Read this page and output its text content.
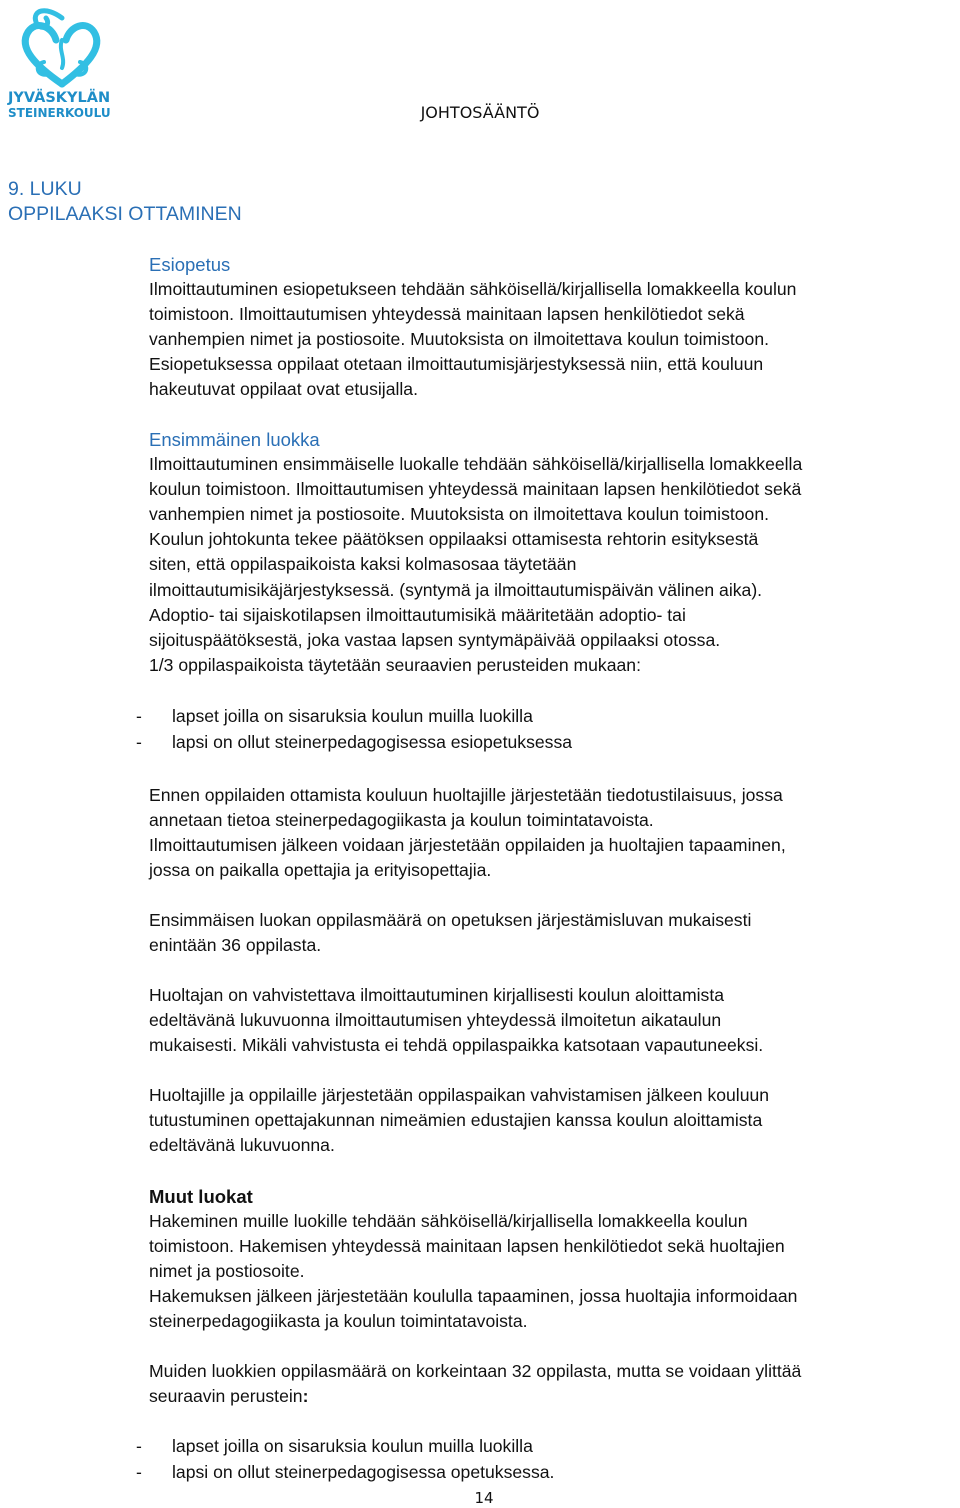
JYVÄSKYLÄN
STEINERKOULU	JOHTOSÄÄNTÖ
9. LUKU
OPPILAAKSI OTTAMINEN

Esiopetus

Ilmoittautuminen esiopetukseen tehdään sähköisellä/kirjallisella lomakkeella koulun

toimistoon. Ilmoittautumisen yhteydessä mainitaan lapsen henkilötiedot sekä

vanhempien nimet ja postiosoite. Muutoksista on ilmoitettava koulun toimistoon.

Esiopetuksessa oppilaat otetaan ilmoittautumisjärjestyksessä niin, että kouluun

hakeutuvat oppilaat ovat etusijalla.

Ensimmäinen luokka

Ilmoittautuminen ensimmäiselle luokalle tehdään sähköisellä/kirjallisella lomakkeella

koulun toimistoon. Ilmoittautumisen yhteydessä mainitaan lapsen henkilötiedot sekä

vanhempien nimet ja postiosoite. Muutoksista on ilmoitettava koulun toimistoon.

Koulun johtokunta tekee päätöksen oppilaaksi ottamisesta rehtorin esityksestä

siten, että oppilaspaikoista kaksi kolmasosaa täytetään

ilmoittautumisikäjärjestyksessä. (syntymä ja ilmoittautumispäivän välinen aika).

Adoptio- tai sijaiskotilapsen ilmoittautumisikä määritetään adoptio- tai

sijoituspäätöksestä, joka vastaa lapsen syntymäpäivää oppilaaksi otossa.

1/3 oppilaspaikoista täytetään seuraavien perusteiden mukaan:

- lapset joilla on sisaruksia koulun muilla luokilla
- lapsi on ollut steinerpedagogisessa esiopetuksessa

Ennen oppilaiden ottamista kouluun huoltajille järjestetään tiedotustilaisuus, jossa

annetaan tietoa steinerpedagogiikasta ja koulun toimintatavoista.

Ilmoittautumisen jälkeen voidaan järjestetään oppilaiden ja huoltajien tapaaminen,

jossa on paikalla opettajia ja erityisopettajia.

Ensimmäisen luokan oppilasmäärä on opetuksen järjestämisluvan mukaisesti

enintään 36 oppilasta.

Huoltajan on vahvistettava ilmoittautuminen kirjallisesti koulun aloittamista

edeltävänä lukuvuonna ilmoittautumisen yhteydessä ilmoitetun aikataulun

mukaisesti. Mikäli vahvistusta ei tehdä oppilaspaikka katsotaan vapautuneeksi.

Huoltajille ja oppilaille järjestetään oppilaspaikan vahvistamisen jälkeen kouluun

tutustuminen opettajakunnan nimeämien edustajien kanssa koulun aloittamista

edeltävänä lukuvuonna.

Muut luokat

Hakeminen muille luokille tehdään sähköisellä/kirjallisella lomakkeella koulun

toimistoon. Hakemisen yhteydessä mainitaan lapsen henkilötiedot sekä huoltajien

nimet ja postiosoite.

Hakemuksen jälkeen järjestetään koululla tapaaminen, jossa huoltajia informoidaan

steinerpedagogiikasta ja koulun toimintatavoista.

Muiden luokkien oppilasmäärä on korkeintaan 32 oppilasta, mutta se voidaan ylittää

seuraavin perustein:

- lapset joilla on sisaruksia koulun muilla luokilla
- lapsi on ollut steinerpedagogisessa opetuksessa.
14
